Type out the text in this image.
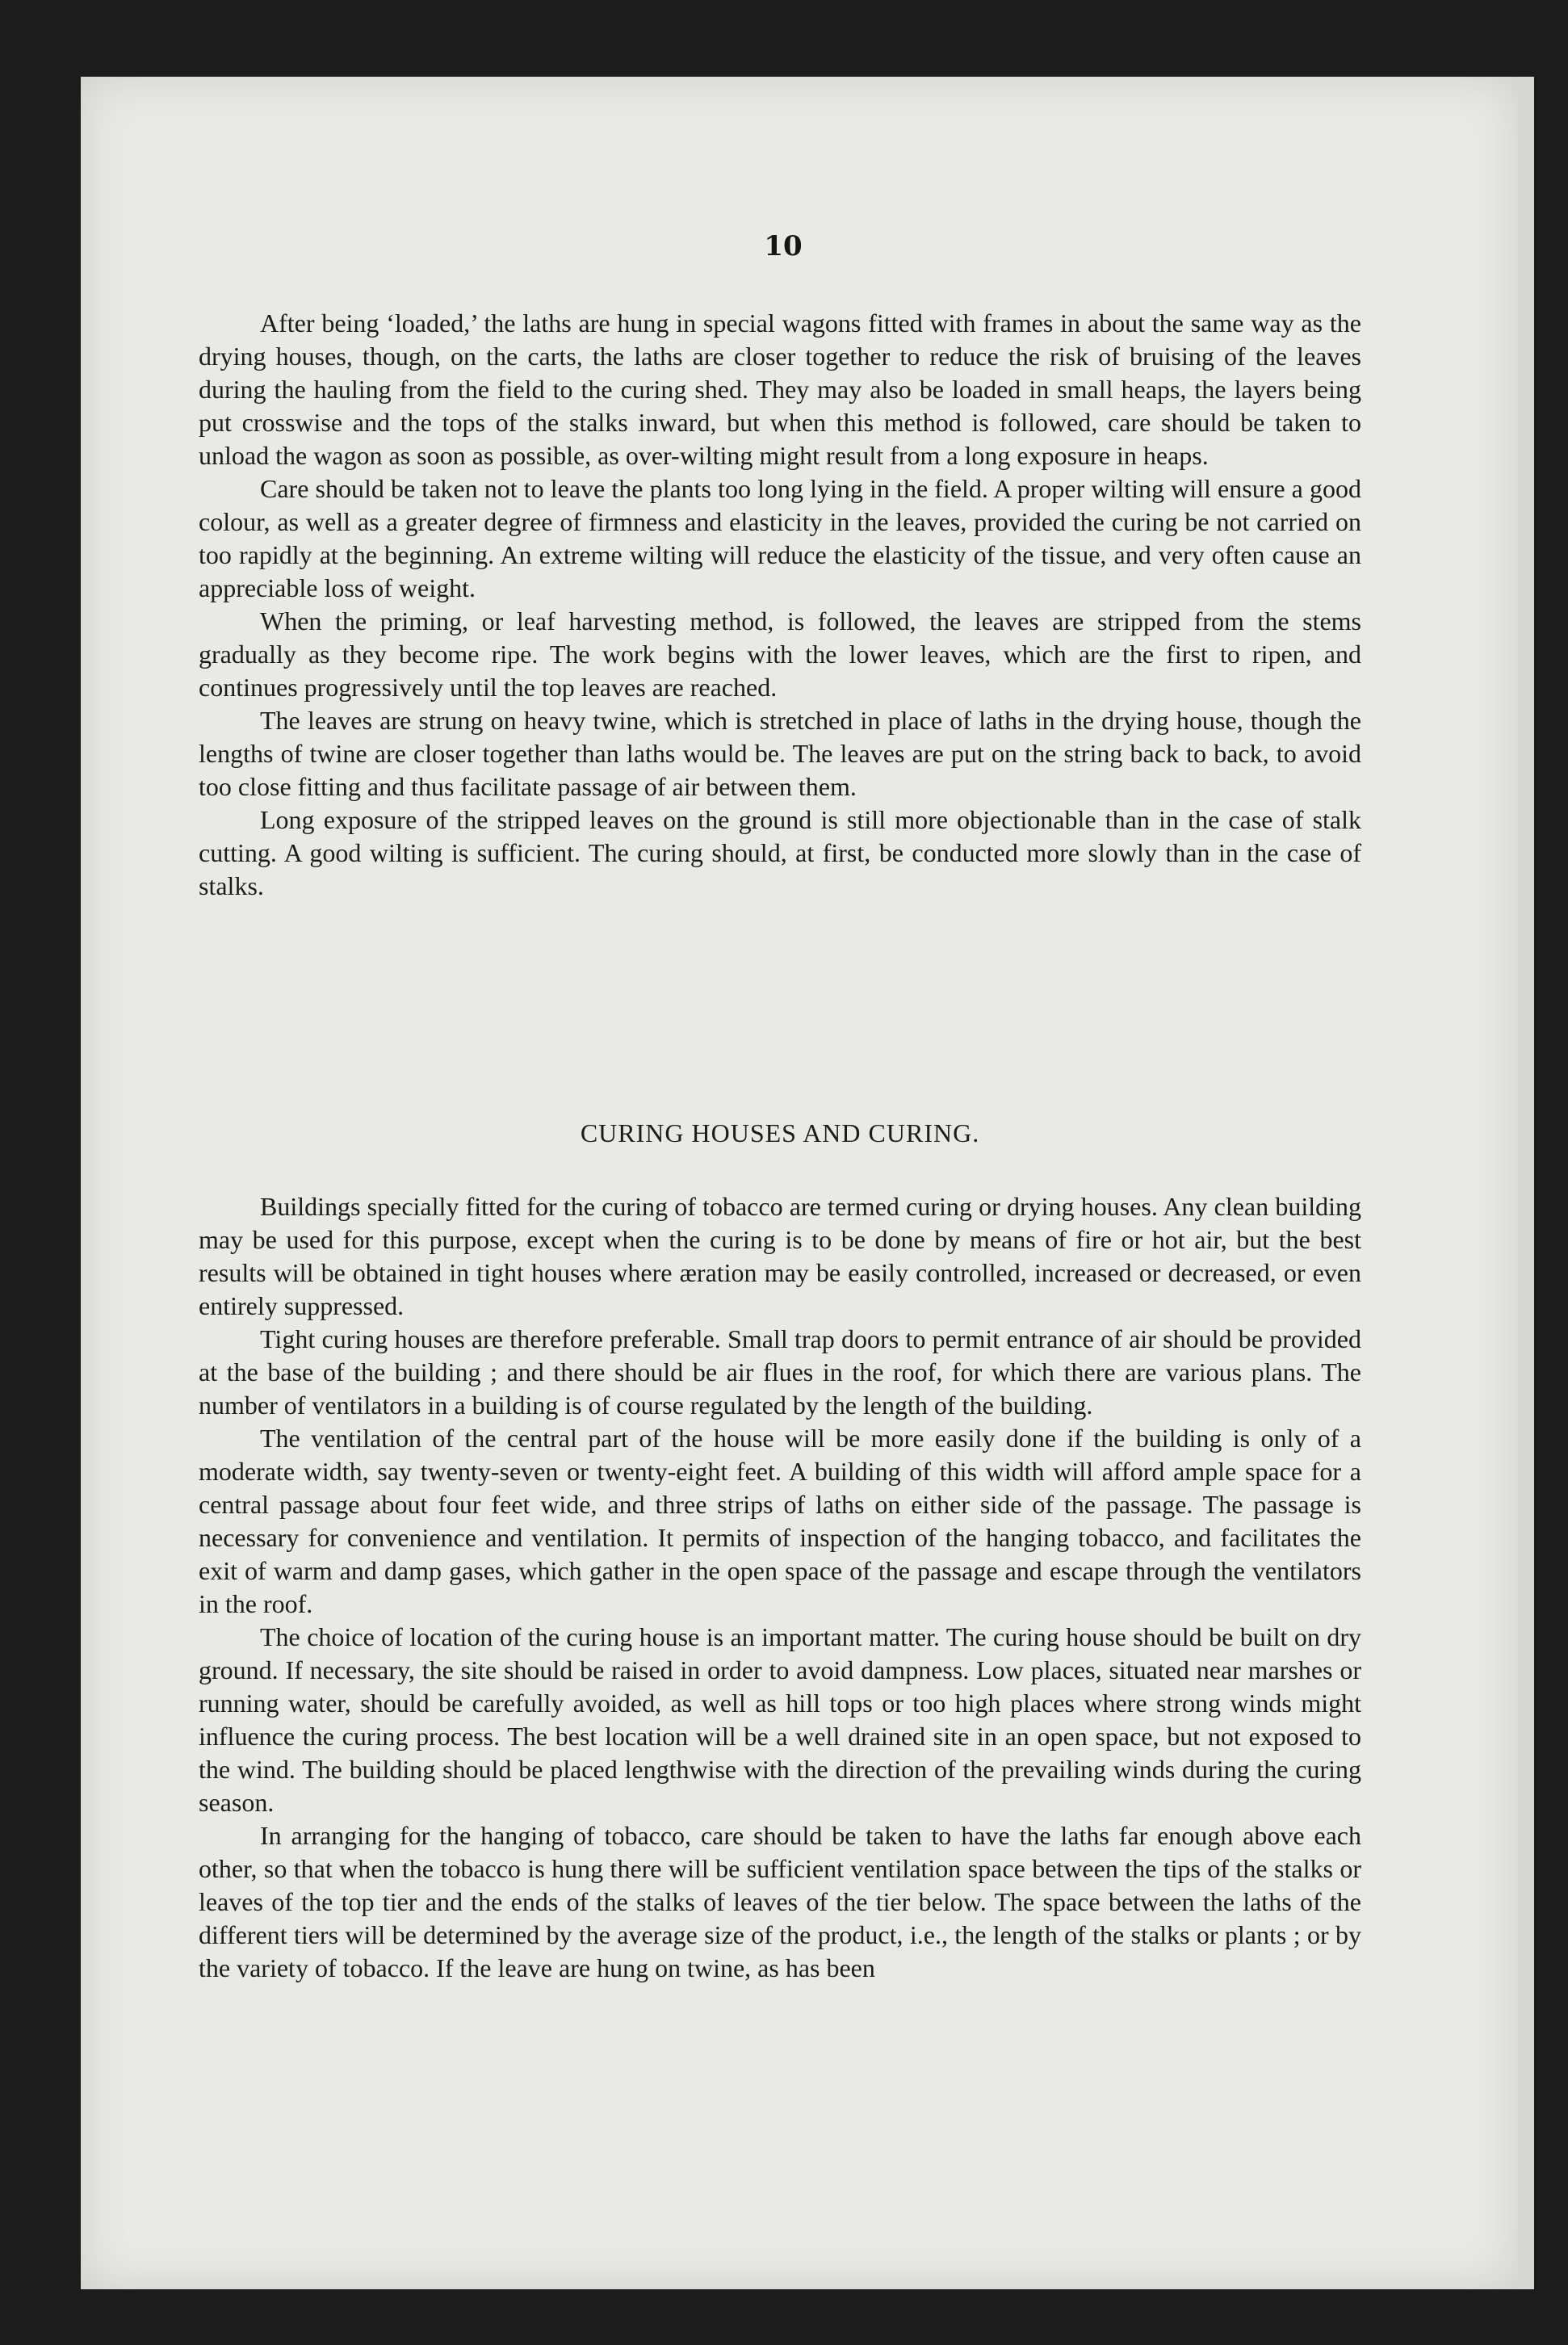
10

After being ‘loaded,’ the laths are hung in special wagons fitted with frames in about the same way as the drying houses, though, on the carts, the laths are closer together to reduce the risk of bruising of the leaves during the hauling from the field to the curing shed. They may also be loaded in small heaps, the layers being put crosswise and the tops of the stalks inward, but when this method is followed, care should be taken to unload the wagon as soon as possible, as over-wilting might result from a long exposure in heaps.

Care should be taken not to leave the plants too long lying in the field. A proper wilting will ensure a good colour, as well as a greater degree of firmness and elasticity in the leaves, provided the curing be not carried on too rapidly at the beginning. An extreme wilting will reduce the elasticity of the tissue, and very often cause an appreciable loss of weight.

When the priming, or leaf harvesting method, is followed, the leaves are stripped from the stems gradually as they become ripe. The work begins with the lower leaves, which are the first to ripen, and continues progressively until the top leaves are reached.

The leaves are strung on heavy twine, which is stretched in place of laths in the drying house, though the lengths of twine are closer together than laths would be. The leaves are put on the string back to back, to avoid too close fitting and thus facilitate passage of air between them.

Long exposure of the stripped leaves on the ground is still more objectionable than in the case of stalk cutting. A good wilting is sufficient. The curing should, at first, be conducted more slowly than in the case of stalks.

CURING HOUSES AND CURING.

Buildings specially fitted for the curing of tobacco are termed curing or drying houses. Any clean building may be used for this purpose, except when the curing is to be done by means of fire or hot air, but the best results will be obtained in tight houses where æration may be easily controlled, increased or decreased, or even entirely suppressed.

Tight curing houses are therefore preferable. Small trap doors to permit entrance of air should be provided at the base of the building ; and there should be air flues in the roof, for which there are various plans. The number of ventilators in a building is of course regulated by the length of the building.

The ventilation of the central part of the house will be more easily done if the building is only of a moderate width, say twenty-seven or twenty-eight feet. A building of this width will afford ample space for a central passage about four feet wide, and three strips of laths on either side of the passage. The passage is necessary for convenience and ventilation. It permits of inspection of the hanging tobacco, and facilitates the exit of warm and damp gases, which gather in the open space of the passage and escape through the ventilators in the roof.

The choice of location of the curing house is an important matter. The curing house should be built on dry ground. If necessary, the site should be raised in order to avoid dampness. Low places, situated near marshes or running water, should be carefully avoided, as well as hill tops or too high places where strong winds might influence the curing process. The best location will be a well drained site in an open space, but not exposed to the wind. The building should be placed lengthwise with the direction of the prevailing winds during the curing season.

In arranging for the hanging of tobacco, care should be taken to have the laths far enough above each other, so that when the tobacco is hung there will be sufficient ventilation space between the tips of the stalks or leaves of the top tier and the ends of the stalks of leaves of the tier below. The space between the laths of the different tiers will be determined by the average size of the product, i.e., the length of the stalks or plants ; or by the variety of tobacco. If the leave are hung on twine, as has been
